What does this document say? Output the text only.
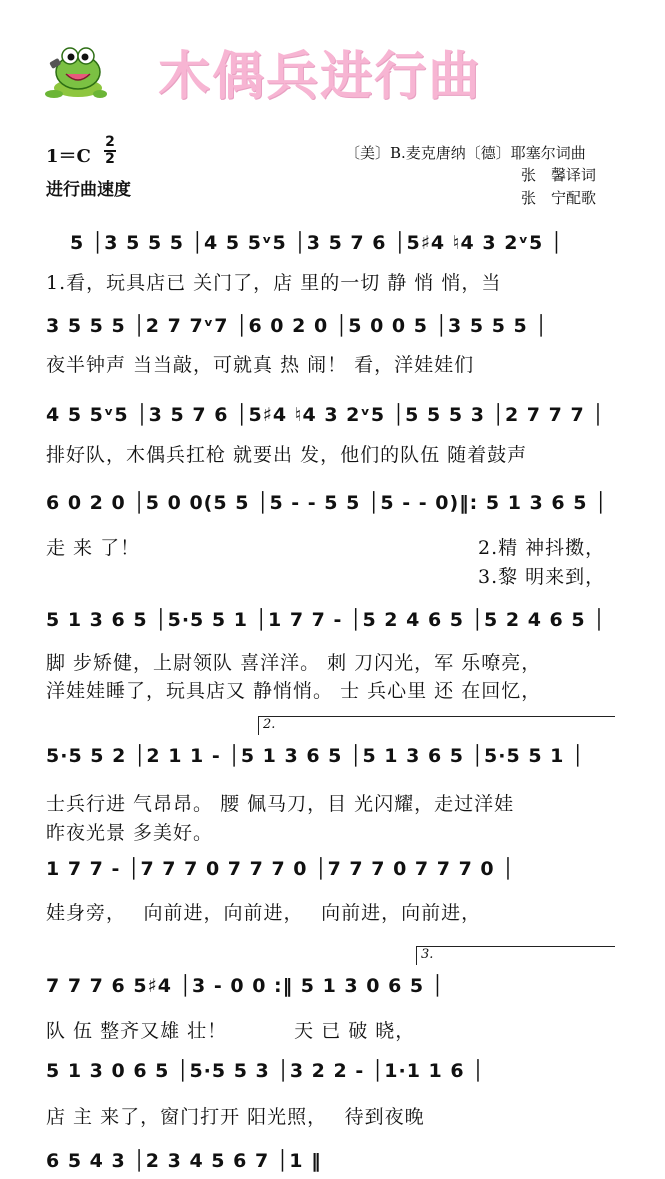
木偶兵进行曲
1＝C
2
2
进行曲速度
〔美〕B.麦克唐纳〔德〕耶塞尔词曲
张　馨译词
张　宁配歌
5 │3 5 5 5 │4 5 5ᵛ5 │3 5 7 6 │5♯4 ♮4 3 2ᵛ5 │
1.看，玩具店已 关门了，店 里的一切 静 悄 悄，当
3 5 5 5 │2 7 7ᵛ7 │6 0 2 0 │5 0 0 5 │3 5 5 5 │
夜半钟声 当当敲，可就真 热 闹！ 看，洋娃娃们
4 5 5ᵛ5 │3 5 7 6 │5♯4 ♮4 3 2ᵛ5 │5 5 5 3 │2 7 7 7 │
排好队，木偶兵扛枪 就要出 发，他们的队伍 随着鼓声
6 0 2 0 │5 0 0(5 5 │5 - - 5 5 │5 - - 0)‖: 5 1 3 6 5 │
走 来 了！	2.精 神抖擞，
3.黎 明来到，
5 1 3 6 5 │5·5 5 1 │1 7 7 - │5 2 4 6 5 │5 2 4 6 5 │
脚 步矫健，上尉领队 喜洋洋。 刺 刀闪光，军 乐嘹亮，
洋娃娃睡了，玩具店又 静悄悄。 士 兵心里 还 在回忆，
2.
5·5 5 2 │2 1 1 - │5 1 3 6 5 │5 1 3 6 5 │5·5 5 1 │
士兵行进 气昂昂。 腰 佩马刀，目 光闪耀，走过洋娃
昨夜光景 多美好。
1 7 7 - │7 7 7 0 7 7 7 0 │7 7 7 0 7 7 7 0 │
娃身旁，　 向前进，向前进，　 向前进，向前进，
3.
7 7 7 6 5♯4 │3 - 0 0 :‖ 5 1 3 0 6 5 │
队 伍 整齐又雄 壮！　　　 天 已 破 晓，
5 1 3 0 6 5 │5·5 5 3 │3 2 2 - │1·1 1 6 │
店 主 来了，窗门打开 阳光照，　 待到夜晚
6 5 4 3 │2 3 4 5 6 7 │1 ‖
